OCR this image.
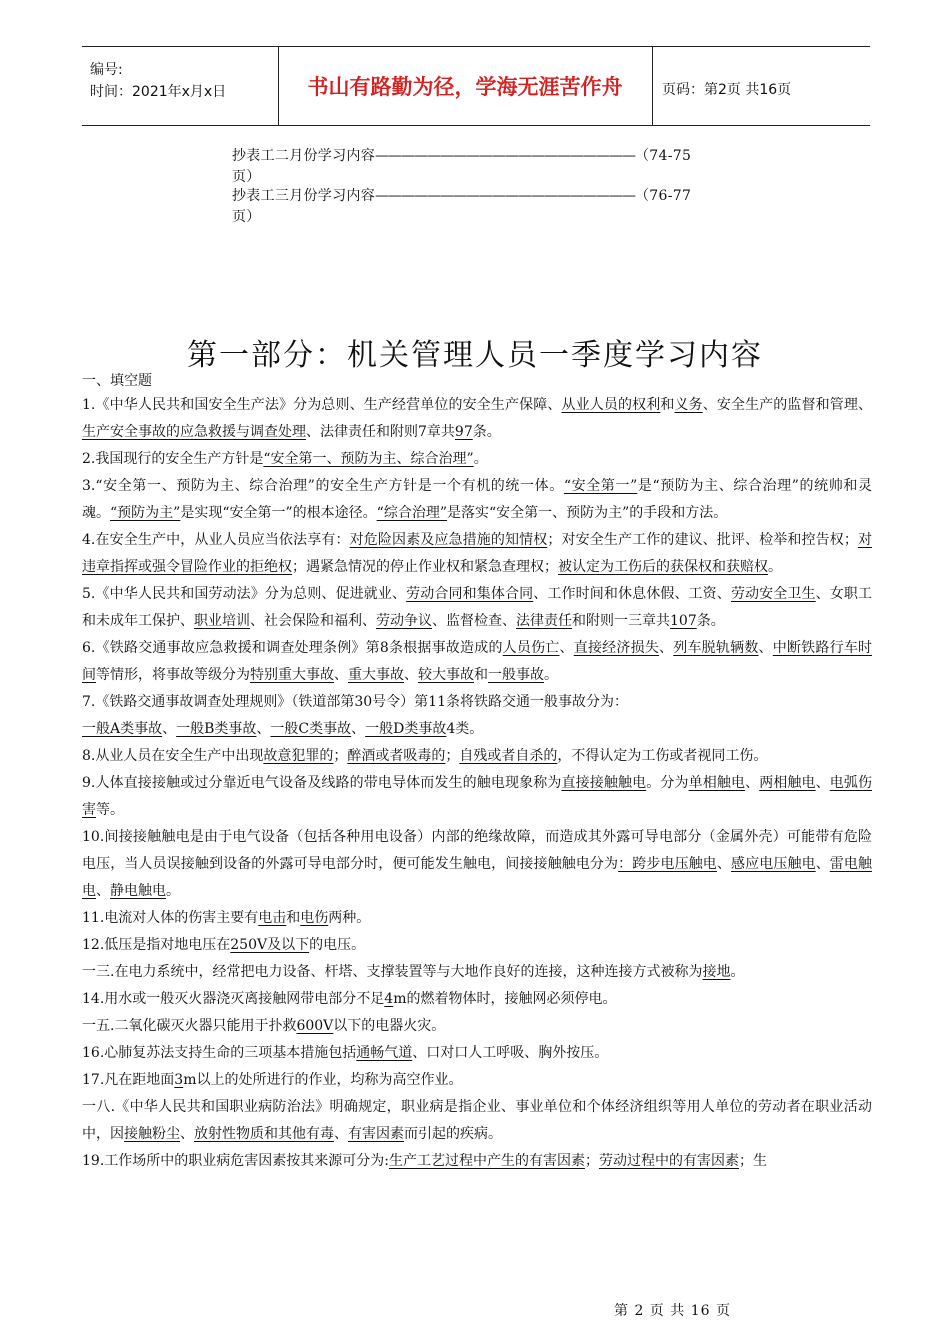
编号:
时间：2021年x月x日	书山有路勤为径，学海无涯苦作舟	页码：第2页 共16页
抄表工二月份学习内容————————————————————（74-75
页）
抄表工三月份学习内容————————————————————（76-77
页）
第一部分：机关管理人员一季度学习内容
一、填空题

1.《中华人民共和国安全生产法》分为总则、生产经营单位的安全生产保障、从业人员的权利和义务、安全生产的监督和管理、生产安全事故的应急救援与调查处理、法律责任和附则7章共97条。

2.我国现行的安全生产方针是“安全第一、预防为主、综合治理”。

3.“安全第一、预防为主、综合治理”的安全生产方针是一个有机的统一体。“安全第一”是“预防为主、综合治理”的统帅和灵魂。“预防为主”是实现“安全第一”的根本途径。“综合治理”是落实“安全第一、预防为主”的手段和方法。

4.在安全生产中，从业人员应当依法享有：对危险因素及应急措施的知情权；对安全生产工作的建议、批评、检举和控告权；对违章指挥或强令冒险作业的拒绝权；遇紧急情况的停止作业权和紧急查理权；被认定为工伤后的获保权和获赔权。

5.《中华人民共和国劳动法》分为总则、促进就业、劳动合同和集体合同、工作时间和休息休假、工资、劳动安全卫生、女职工和未成年工保护、职业培训、社会保险和福利、劳动争议、监督检查、法律责任和附则一三章共107条。

6.《铁路交通事故应急救援和调查处理条例》第8条根据事故造成的人员伤亡、直接经济损失、列车脱轨辆数、中断铁路行车时间等情形，将事故等级分为特别重大事故、重大事故、较大事故和一般事故。

7.《铁路交通事故调查处理规则》（铁道部第30号令）第11条将铁路交通一般事故分为：

一般A类事故、一般B类事故、一般C类事故、一般D类事故4类。

8.从业人员在安全生产中出现故意犯罪的；醉酒或者吸毒的；自残或者自杀的，不得认定为工伤或者视同工伤。

9.人体直接接触或过分靠近电气设备及线路的带电导体而发生的触电现象称为直接接触触电。分为单相触电、两相触电、电弧伤害等。

10.间接接触触电是由于电气设备（包括各种用电设备）内部的绝缘故障，而造成其外露可导电部分（金属外壳）可能带有危险电压，当人员误接触到设备的外露可导电部分时，便可能发生触电，间接接触触电分为：跨步电压触电、感应电压触电、雷电触电、静电触电。

11.电流对人体的伤害主要有电击和电伤两种。

12.低压是指对地电压在250V及以下的电压。

一三.在电力系统中，经常把电力设备、杆塔、支撑装置等与大地作良好的连接，这种连接方式被称为接地。

14.用水或一般灭火器浇灭离接触网带电部分不足4m的燃着物体时，接触网必须停电。

一五.二氧化碳灭火器只能用于扑救600V以下的电器火灾。

16.心肺复苏法支持生命的三项基本措施包括通畅气道、口对口人工呼吸、胸外按压。

17.凡在距地面3m以上的处所进行的作业，均称为高空作业。

一八.《中华人民共和国职业病防治法》明确规定，职业病是指企业、事业单位和个体经济组织等用人单位的劳动者在职业活动中，因接触粉尘、放射性物质和其他有毒、有害因素而引起的疾病。

19.工作场所中的职业病危害因素按其来源可分为:生产工艺过程中产生的有害因素；劳动过程中的有害因素；生

第 2 页 共 16 页
